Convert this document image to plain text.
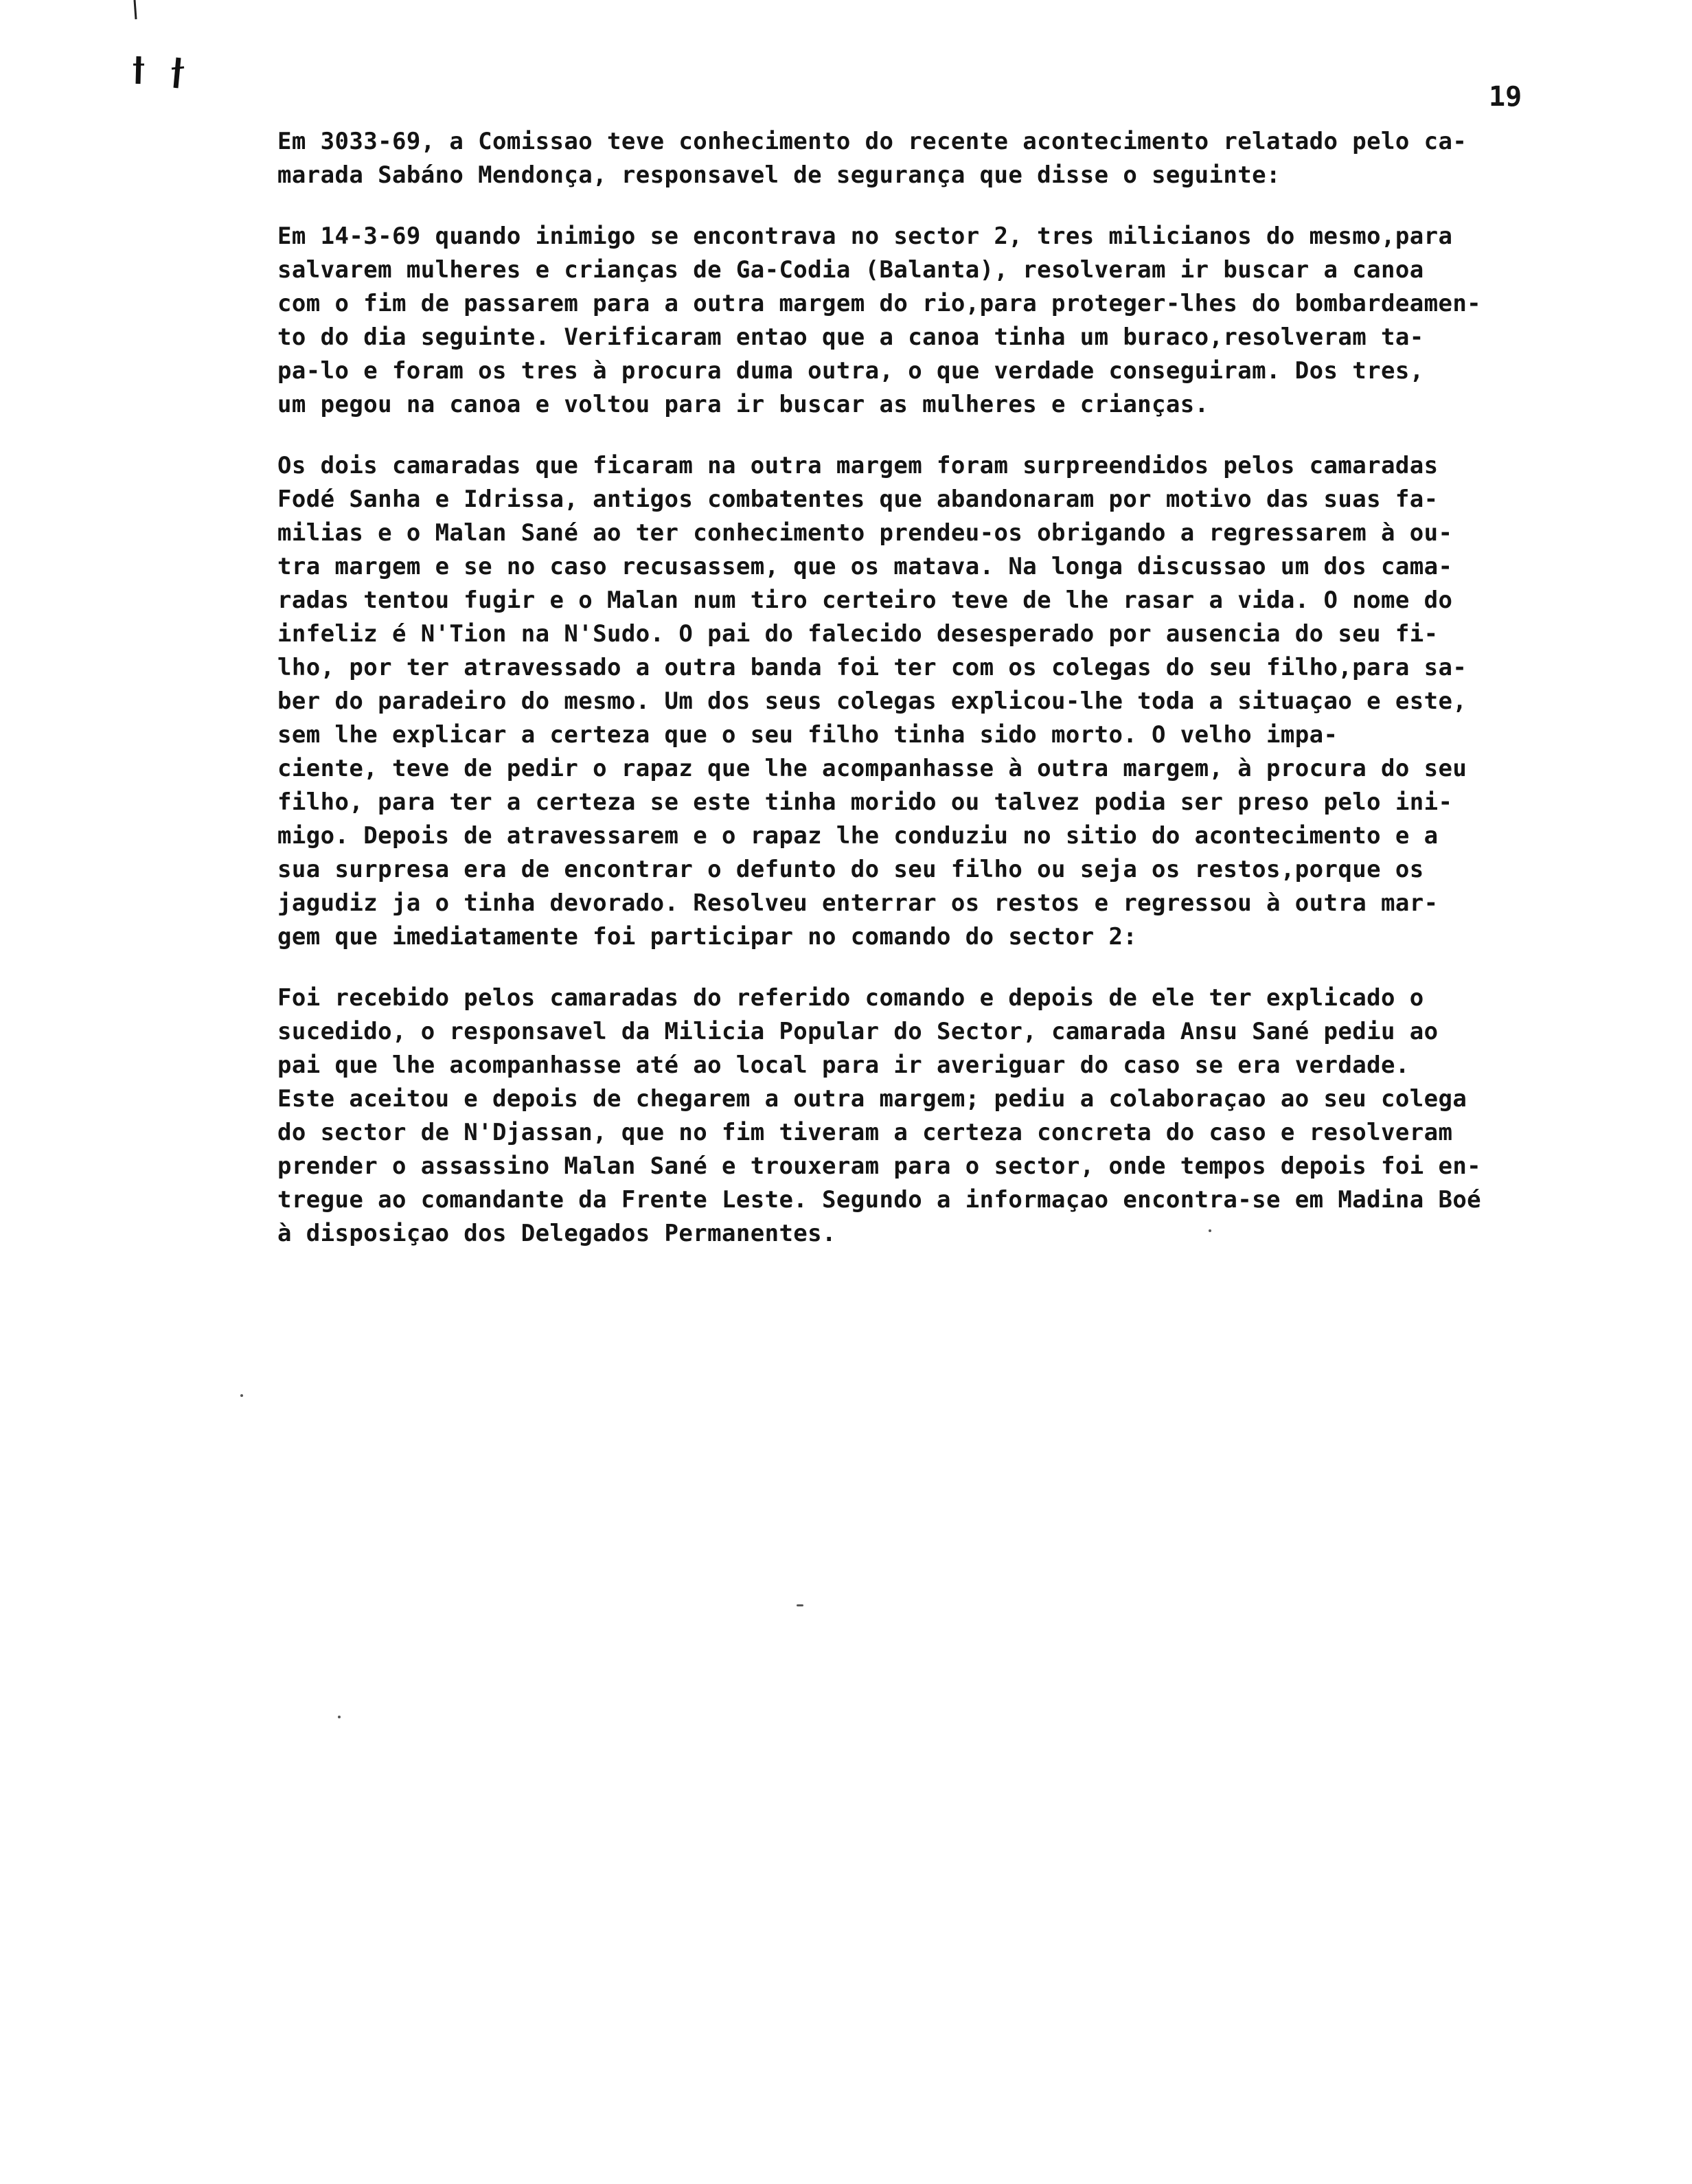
19
Em 3033-69, a Comissao teve conhecimento do recente acontecimento relatado pelo ca-
marada Sabáno Mendonça, responsavel de segurança que disse o seguinte:
Em 14-3-69 quando inimigo se encontrava no sector 2, tres milicianos do mesmo,para
salvarem mulheres e crianças de Ga-Codia (Balanta), resolveram ir buscar a canoa
com o fim de passarem para a outra margem do rio,para proteger-lhes do bombardeamen-
to do dia seguinte. Verificaram entao que a canoa tinha um buraco,resolveram ta-
pa-lo e foram os tres à procura duma outra, o que verdade conseguiram. Dos tres,
um pegou na canoa e voltou para ir buscar as mulheres e crianças.
Os dois camaradas que ficaram na outra margem foram surpreendidos pelos camaradas
Fodé Sanha e Idrissa, antigos combatentes que abandonaram por motivo das suas fa-
milias e o Malan Sané ao ter conhecimento prendeu-os obrigando a regressarem à ou-
tra margem e se no caso recusassem, que os matava. Na longa discussao um dos cama-
radas tentou fugir e o Malan num tiro certeiro teve de lhe rasar a vida. O nome do
infeliz é N'Tion na N'Sudo. O pai do falecido desesperado por ausencia do seu fi-
lho, por ter atravessado a outra banda foi ter com os colegas do seu filho,para sa-
ber do paradeiro do mesmo. Um dos seus colegas explicou-lhe toda a situaçao e este,
sem lhe explicar a certeza que o seu filho tinha sido morto. O velho impa-
ciente, teve de pedir o rapaz que lhe acompanhasse à outra margem, à procura do seu
filho, para ter a certeza se este tinha morido ou talvez podia ser preso pelo ini-
migo. Depois de atravessarem e o rapaz lhe conduziu no sitio do acontecimento e a
sua surpresa era de encontrar o defunto do seu filho ou seja os restos,porque os
jagudiz ja o tinha devorado. Resolveu enterrar os restos e regressou à outra mar-
gem que imediatamente foi participar no comando do sector 2:
Foi recebido pelos camaradas do referido comando e depois de ele ter explicado o
sucedido, o responsavel da Milicia Popular do Sector, camarada Ansu Sané pediu ao
pai que lhe acompanhasse até ao local para ir averiguar do caso se era verdade.
Este aceitou e depois de chegarem a outra margem; pediu a colaboraçao ao seu colega
do sector de N'Djassan, que no fim tiveram a certeza concreta do caso e resolveram
prender o assassino Malan Sané e trouxeram para o sector, onde tempos depois foi en-
tregue ao comandante da Frente Leste. Segundo a informaçao encontra-se em Madina Boé
à disposiçao dos Delegados Permanentes.
